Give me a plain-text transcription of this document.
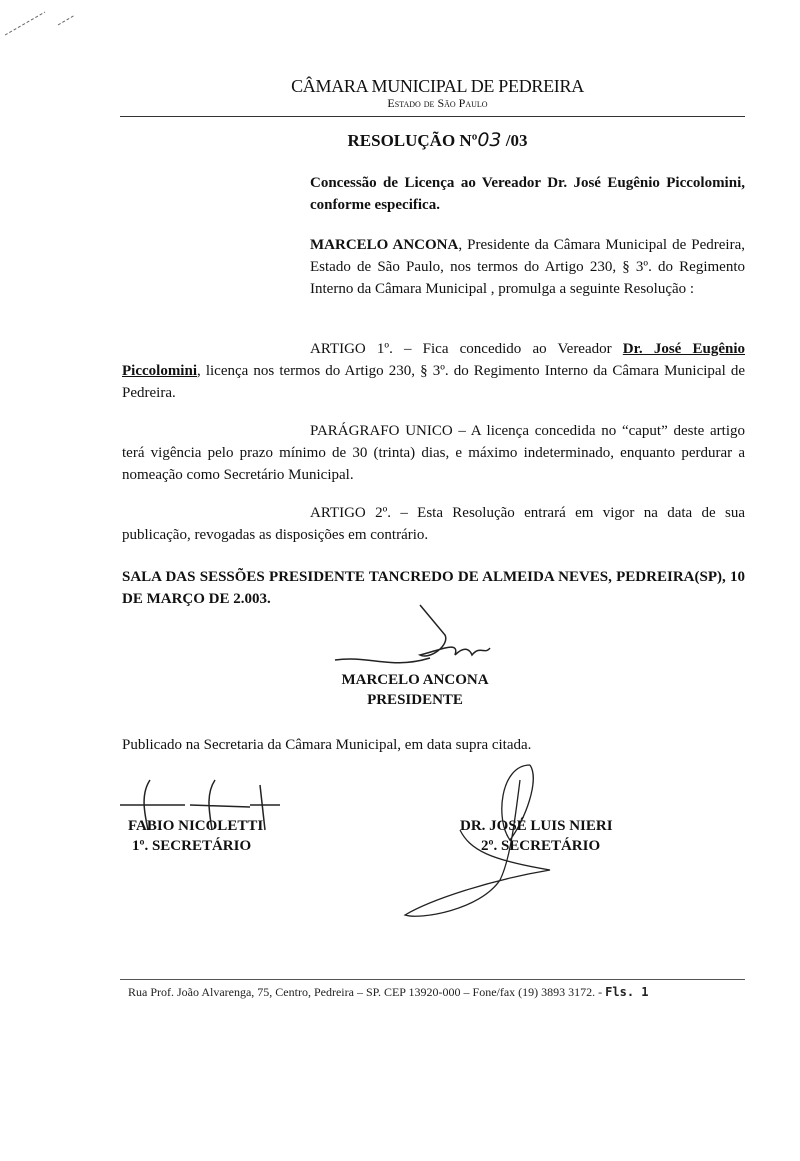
CÂMARA MUNICIPAL DE PEDREIRA
Estado de São Paulo
RESOLUÇÃO Nº03 /03
Concessão de Licença ao Vereador Dr. José Eugênio Piccolomini, conforme especifica.
MARCELO ANCONA, Presidente da Câmara Municipal de Pedreira, Estado de São Paulo, nos termos do Artigo 230, § 3º. do Regimento Interno da Câmara Municipal , promulga a seguinte Resolução :
ARTIGO 1º. – Fica concedido ao Vereador Dr. José Eugênio Piccolomini, licença nos termos do Artigo 230, § 3º. do Regimento Interno da Câmara Municipal de Pedreira.
PARÁGRAFO UNICO – A licença concedida no “caput” deste artigo terá vigência pelo prazo mínimo de 30 (trinta) dias, e máximo indeterminado, enquanto perdurar a nomeação como Secretário Municipal.
ARTIGO 2º. – Esta Resolução entrará em vigor na data de sua publicação, revogadas as disposições em contrário.
SALA DAS SESSÕES PRESIDENTE TANCREDO DE ALMEIDA NEVES, PEDREIRA(SP), 10 DE MARÇO DE 2.003.
MARCELO ANCONA
PRESIDENTE
Publicado na Secretaria da Câmara Municipal, em data supra citada.
FABIO NICOLETTI
1º. SECRETÁRIO
DR. JOSÉ LUIS NIERI
2º. SECRETÁRIO
Rua Prof. João Alvarenga, 75, Centro, Pedreira – SP. CEP 13920-000 – Fone/fax (19) 3893 3172. - Fls. 1
